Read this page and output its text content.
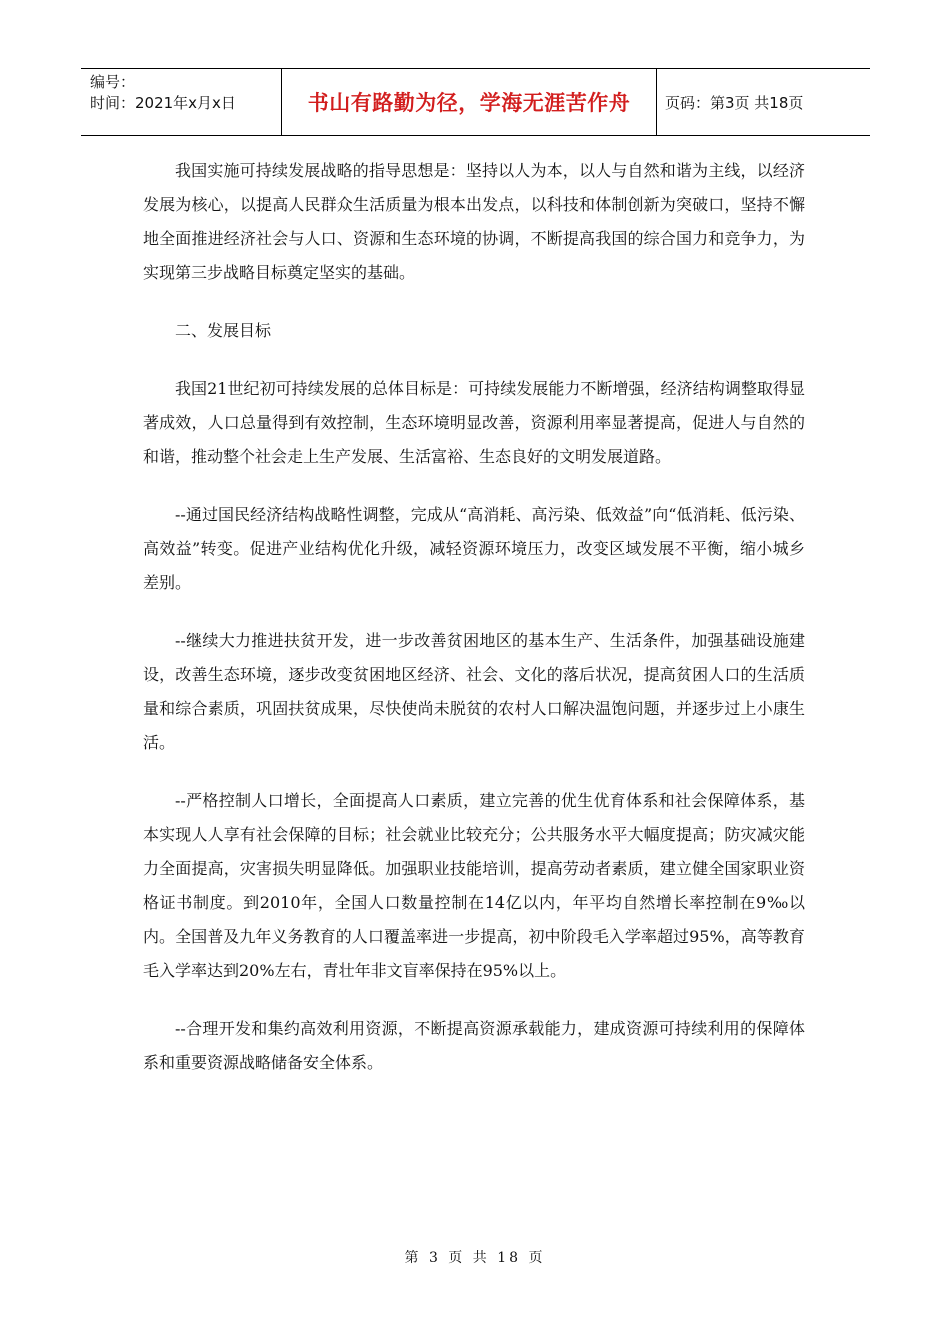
编号：
时间：2021年x月x日	书山有路勤为径，学海无涯苦作舟 页码：第3页 共18页

我国实施可持续发展战略的指导思想是：坚持以人为本，以人与自然和谐为主线，以经济发展为核心，以提高人民群众生活质量为根本出发点，以科技和体制创新为突破口，坚持不懈地全面推进经济社会与人口、资源和生态环境的协调，不断提高我国的综合国力和竞争力，为实现第三步战略目标奠定坚实的基础。

二、发展目标

我国21世纪初可持续发展的总体目标是：可持续发展能力不断增强，经济结构调整取得显著成效，人口总量得到有效控制，生态环境明显改善，资源利用率显著提高，促进人与自然的和谐，推动整个社会走上生产发展、生活富裕、生态良好的文明发展道路。

--通过国民经济结构战略性调整，完成从“高消耗、高污染、低效益”向“低消耗、低污染、高效益”转变。促进产业结构优化升级，减轻资源环境压力，改变区域发展不平衡，缩小城乡差别。

--继续大力推进扶贫开发，进一步改善贫困地区的基本生产、生活条件，加强基础设施建设，改善生态环境，逐步改变贫困地区经济、社会、文化的落后状况，提高贫困人口的生活质量和综合素质，巩固扶贫成果，尽快使尚未脱贫的农村人口解决温饱问题，并逐步过上小康生活。

--严格控制人口增长，全面提高人口素质，建立完善的优生优育体系和社会保障体系，基本实现人人享有社会保障的目标；社会就业比较充分；公共服务水平大幅度提高；防灾减灾能力全面提高，灾害损失明显降低。加强职业技能培训，提高劳动者素质，建立健全国家职业资格证书制度。到2010年，全国人口数量控制在14亿以内，年平均自然增长率控制在9‰以内。全国普及九年义务教育的人口覆盖率进一步提高，初中阶段毛入学率超过95%，高等教育毛入学率达到20%左右，青壮年非文盲率保持在95%以上。

--合理开发和集约高效利用资源，不断提高资源承载能力，建成资源可持续利用的保障体系和重要资源战略储备安全体系。

第 3 页 共 18 页
